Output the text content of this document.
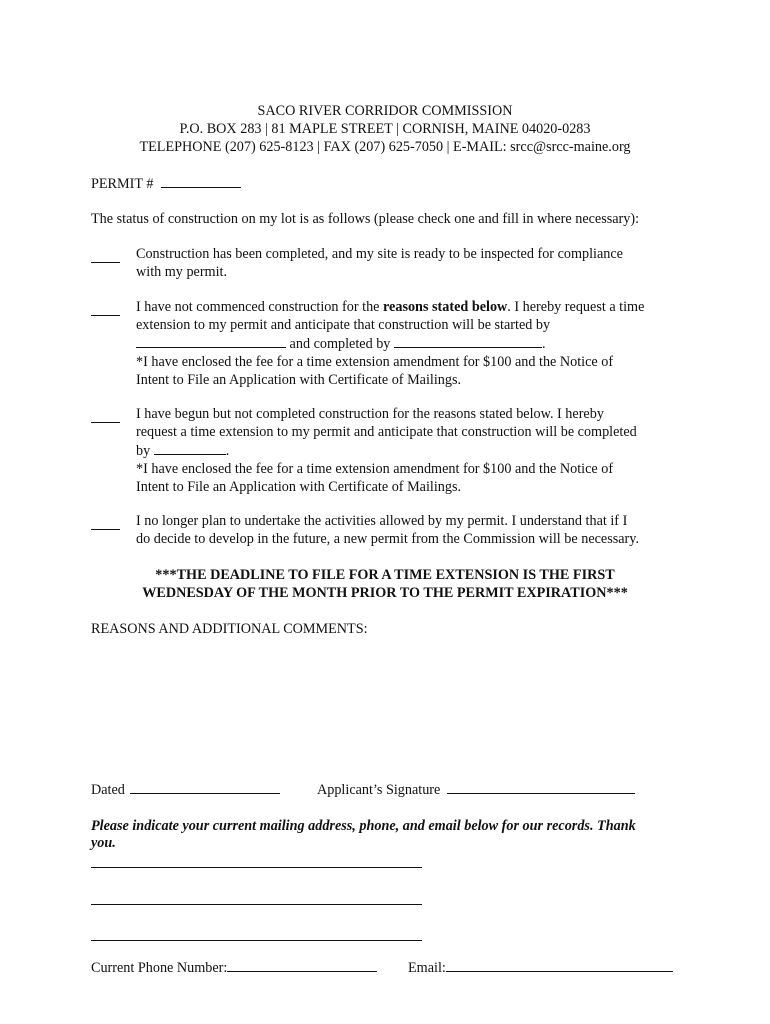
SACO RIVER CORRIDOR COMMISSION
P.O. BOX 283 | 81 MAPLE STREET | CORNISH, MAINE 04020-0283
TELEPHONE (207) 625-8123 | FAX (207) 625-7050 | E-MAIL: srcc@srcc-maine.org
PERMIT #
The status of construction on my lot is as follows (please check one and fill in where necessary):
Construction has been completed, and my site is ready to be inspected for compliance
with my permit.
I have not commenced construction for the reasons stated below. I hereby request a time
extension to my permit and anticipate that construction will be started by
and completed by	.
*I have enclosed the fee for a time extension amendment for $100 and the Notice of
Intent to File an Application with Certificate of Mailings.
I have begun but not completed construction for the reasons stated below. I hereby
request a time extension to my permit and anticipate that construction will be completed
by	.
*I have enclosed the fee for a time extension amendment for $100 and the Notice of
Intent to File an Application with Certificate of Mailings.
I no longer plan to undertake the activities allowed by my permit. I understand that if I
do decide to develop in the future, a new permit from the Commission will be necessary.
***THE DEADLINE TO FILE FOR A TIME EXTENSION IS THE FIRST
WEDNESDAY OF THE MONTH PRIOR TO THE PERMIT EXPIRATION***
REASONS AND ADDITIONAL COMMENTS:
Dated	Applicant’s Signature
Please indicate your current mailing address, phone, and email below for our records. Thank
you.
Current Phone Number:	Email:
